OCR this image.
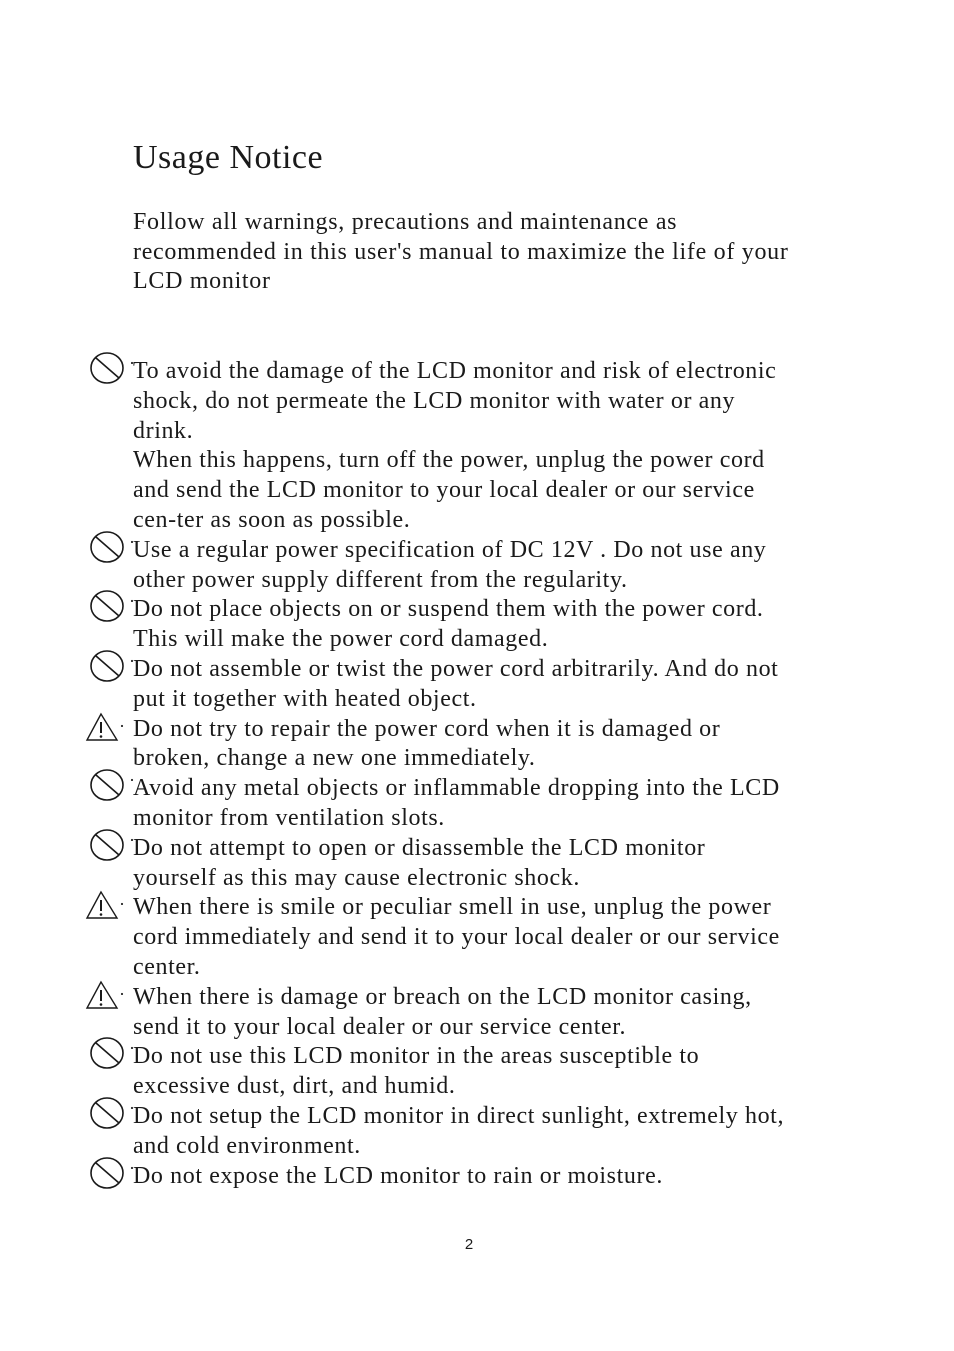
Usage Notice
Follow all warnings, precautions and maintenance as
recommended in this user's manual to maximize the life of your
LCD monitor
·
To avoid the damage of the LCD monitor and risk of electronic
shock, do not permeate the LCD monitor with water or any
drink.
When this happens, turn off the power, unplug the power cord
and send the LCD monitor to your local dealer or our service
cen-ter as soon as possible.
·
Use a regular power specification of DC 12V . Do not use any
other power supply different from the regularity.
·
Do not place objects on or suspend them with the power cord.
This will make the power cord damaged.
·
Do not assemble or twist the power cord arbitrarily. And do not
put it together with heated object.
· Do not try to repair the power cord when it is damaged or
broken, change a new one immediately.
·
Avoid any metal objects or inflammable dropping into the LCD
monitor from ventilation slots.
·
Do not attempt to open or disassemble the LCD monitor
yourself as this may cause electronic shock.
· When there is smile or peculiar smell in use, unplug the power
cord immediately and send it to your local dealer or our service
center.
· When there is damage or breach on the LCD monitor casing,
send it to your local dealer or our service center.
·
Do not use this LCD monitor in the areas susceptible to
excessive dust, dirt, and humid.
·
Do not setup the LCD monitor in direct sunlight, extremely hot,
and cold environment.
·
Do not expose the LCD monitor to rain or moisture.
2
